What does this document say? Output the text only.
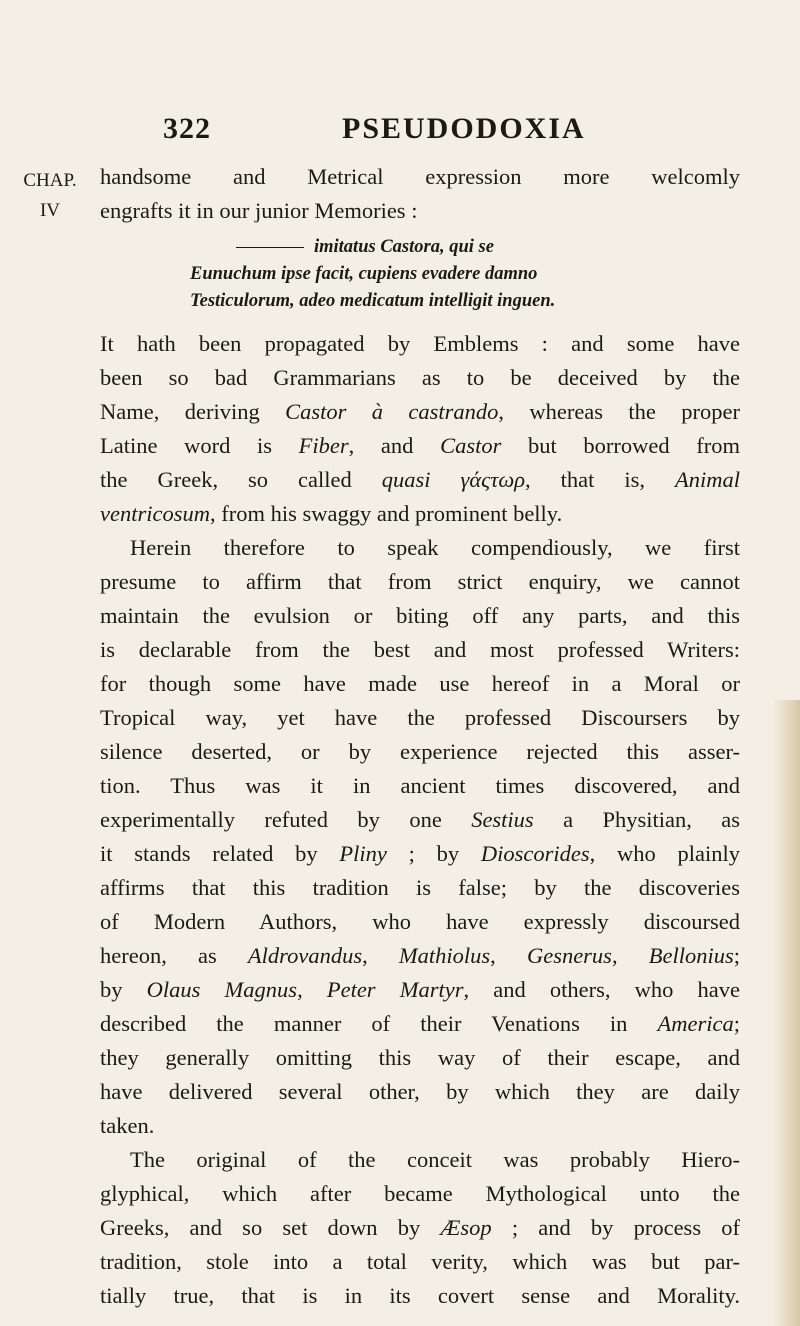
322	PSEUDODOXIA
CHAP.
IV
handsome and Metrical expression more welcomly
engrafts it in our junior Memories :
imitatus Castora, qui se
Eunuchum ipse facit, cupiens evadere damno
Testiculorum, adeo medicatum intelligit inguen.
It hath been propagated by Emblems : and some have
been so bad Grammarians as to be deceived by the
Name, deriving Castor à castrando, whereas the proper
Latine word is Fiber, and Castor but borrowed from
the Greek, so called quasi γάςτωρ, that is, Animal
ventricosum, from his swaggy and prominent belly.
Herein therefore to speak compendiously, we first
presume to affirm that from strict enquiry, we cannot
maintain the evulsion or biting off any parts, and this
is declarable from the best and most professed Writers:
for though some have made use hereof in a Moral or
Tropical way, yet have the professed Discoursers by
silence deserted, or by experience rejected this asser-
tion. Thus was it in ancient times discovered, and
experimentally refuted by one Sestius a Physitian, as
it stands related by Pliny ; by Dioscorides, who plainly
affirms that this tradition is false; by the discoveries
of Modern Authors, who have expressly discoursed
hereon, as Aldrovandus, Mathiolus, Gesnerus, Bellonius;
by Olaus Magnus, Peter Martyr, and others, who have
described the manner of their Venations in America;
they generally omitting this way of their escape, and
have delivered several other, by which they are daily
taken.
The original of the conceit was probably Hiero-
glyphical, which after became Mythological unto the
Greeks, and so set down by Æsop ; and by process of
tradition, stole into a total verity, which was but par-
tially true, that is in its covert sense and Morality.
